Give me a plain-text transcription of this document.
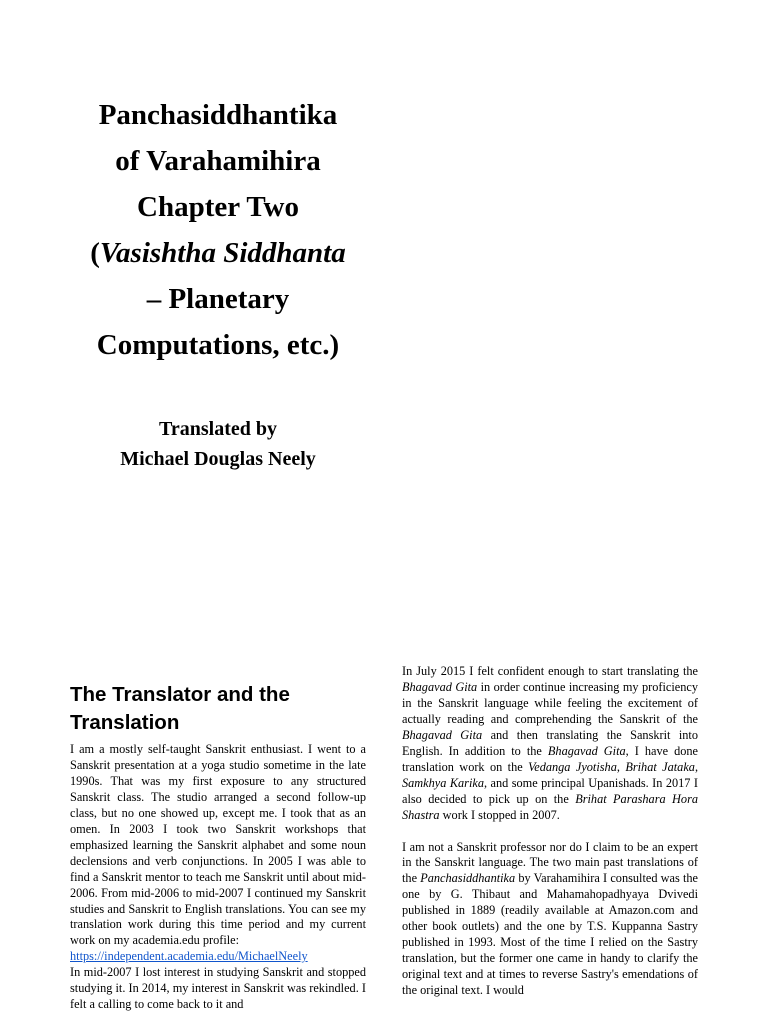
Panchasiddhantika
of Varahamihira
Chapter Two
(Vasishtha Siddhanta
– Planetary
Computations, etc.)
Translated by
Michael Douglas Neely
The Translator and the
Translation

I am a mostly self-taught Sanskrit enthusiast. I went to a Sanskrit presentation at a yoga studio sometime in the late 1990s. That was my first exposure to any structured Sanskrit class. The studio arranged a second follow-up class, but no one showed up, except me. I took that as an omen. In 2003 I took two Sanskrit workshops that emphasized learning the Sanskrit alphabet and some noun declensions and verb conjunctions. In 2005 I was able to find a Sanskrit mentor to teach me Sanskrit until about mid-2006. From mid-2006 to mid-2007 I continued my Sanskrit studies and Sanskrit to English translations. You can see my translation work during this time period and my current work on my academia.edu profile:
https://independent.academia.edu/MichaelNeely

In mid-2007 I lost interest in studying Sanskrit and stopped studying it. In 2014, my interest in Sanskrit was rekindled. I felt a calling to come back to it and

In July 2015 I felt confident enough to start translating the Bhagavad Gita in order continue increasing my proficiency in the Sanskrit language while feeling the excitement of actually reading and comprehending the Sanskrit of the Bhagavad Gita and then translating the Sanskrit into English. In addition to the Bhagavad Gita, I have done translation work on the Vedanga Jyotisha, Brihat Jataka, Samkhya Karika, and some principal Upanishads. In 2017 I also decided to pick up on the Brihat Parashara Hora Shastra work I stopped in 2007.

I am not a Sanskrit professor nor do I claim to be an expert in the Sanskrit language. The two main past translations of the Panchasiddhantika by Varahamihira I consulted was the one by G. Thibaut and Mahamahopadhyaya Dvivedi published in 1889 (readily available at Amazon.com and other book outlets) and the one by T.S. Kuppanna Sastry published in 1993. Most of the time I relied on the Sastry translation, but the former one came in handy to clarify the original text and at times to reverse Sastry's emendations of the original text. I would
